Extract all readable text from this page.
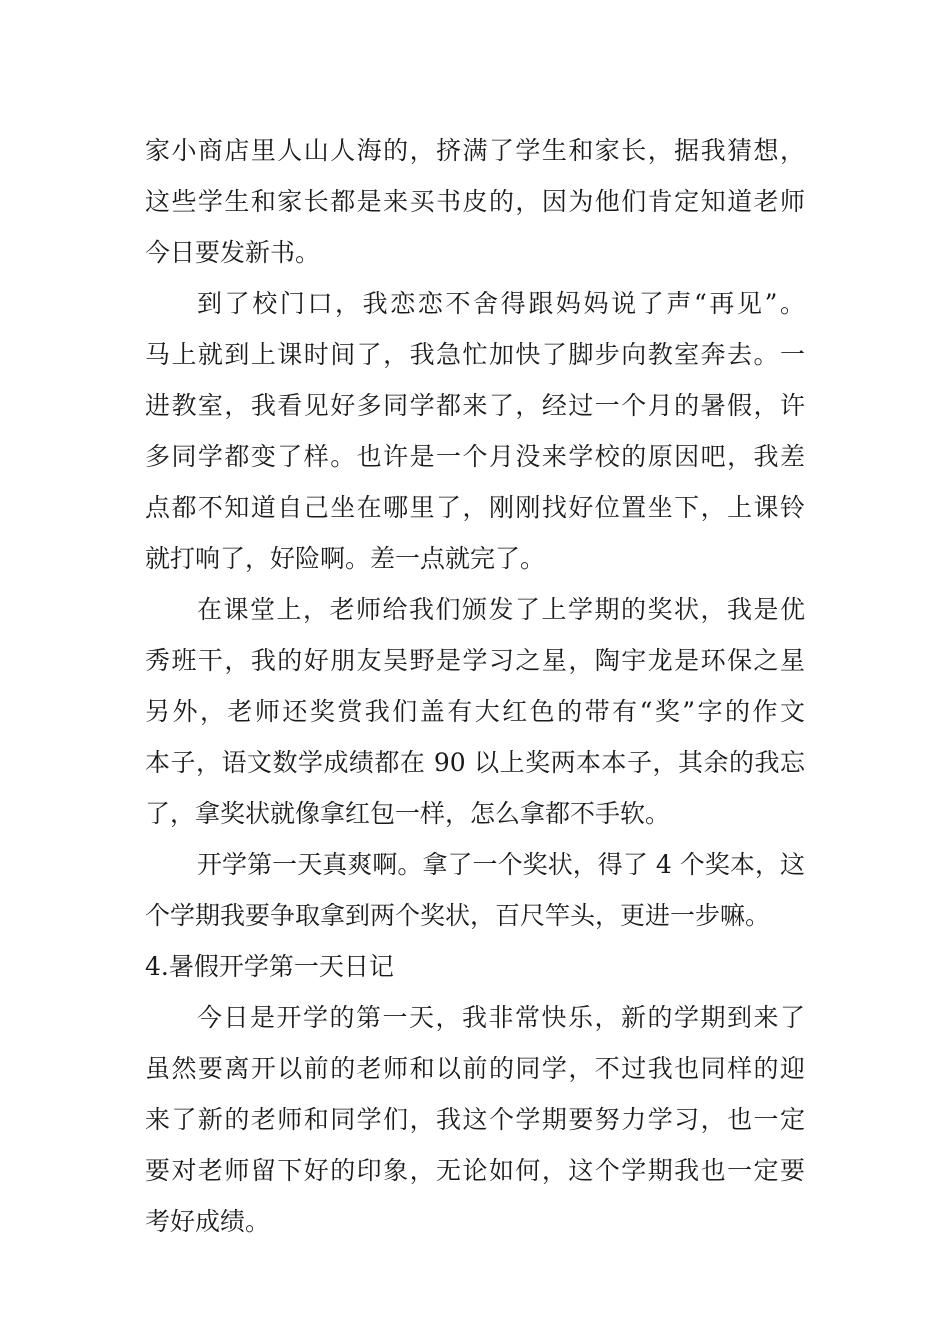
家小商店里人山人海的，挤满了学生和家长，据我猜想，
这些学生和家长都是来买书皮的，因为他们肯定知道老师
今日要发新书。
到了校门口，我恋恋不舍得跟妈妈说了声“再见”。
马上就到上课时间了，我急忙加快了脚步向教室奔去。一
进教室，我看见好多同学都来了，经过一个月的暑假，许
多同学都变了样。也许是一个月没来学校的原因吧，我差
点都不知道自己坐在哪里了，刚刚找好位置坐下，上课铃
就打响了，好险啊。差一点就完了。
在课堂上，老师给我们颁发了上学期的奖状，我是优
秀班干，我的好朋友吴野是学习之星，陶宇龙是环保之星
另外，老师还奖赏我们盖有大红色的带有“奖”字的作文
本子，语文数学成绩都在 90 以上奖两本本子，其余的我忘
了，拿奖状就像拿红包一样，怎么拿都不手软。
开学第一天真爽啊。拿了一个奖状，得了 4 个奖本，这
个学期我要争取拿到两个奖状，百尺竿头，更进一步嘛。
4.暑假开学第一天日记
今日是开学的第一天，我非常快乐，新的学期到来了
虽然要离开以前的老师和以前的同学，不过我也同样的迎
来了新的老师和同学们，我这个学期要努力学习，也一定
要对老师留下好的印象，无论如何，这个学期我也一定要
考好成绩。
